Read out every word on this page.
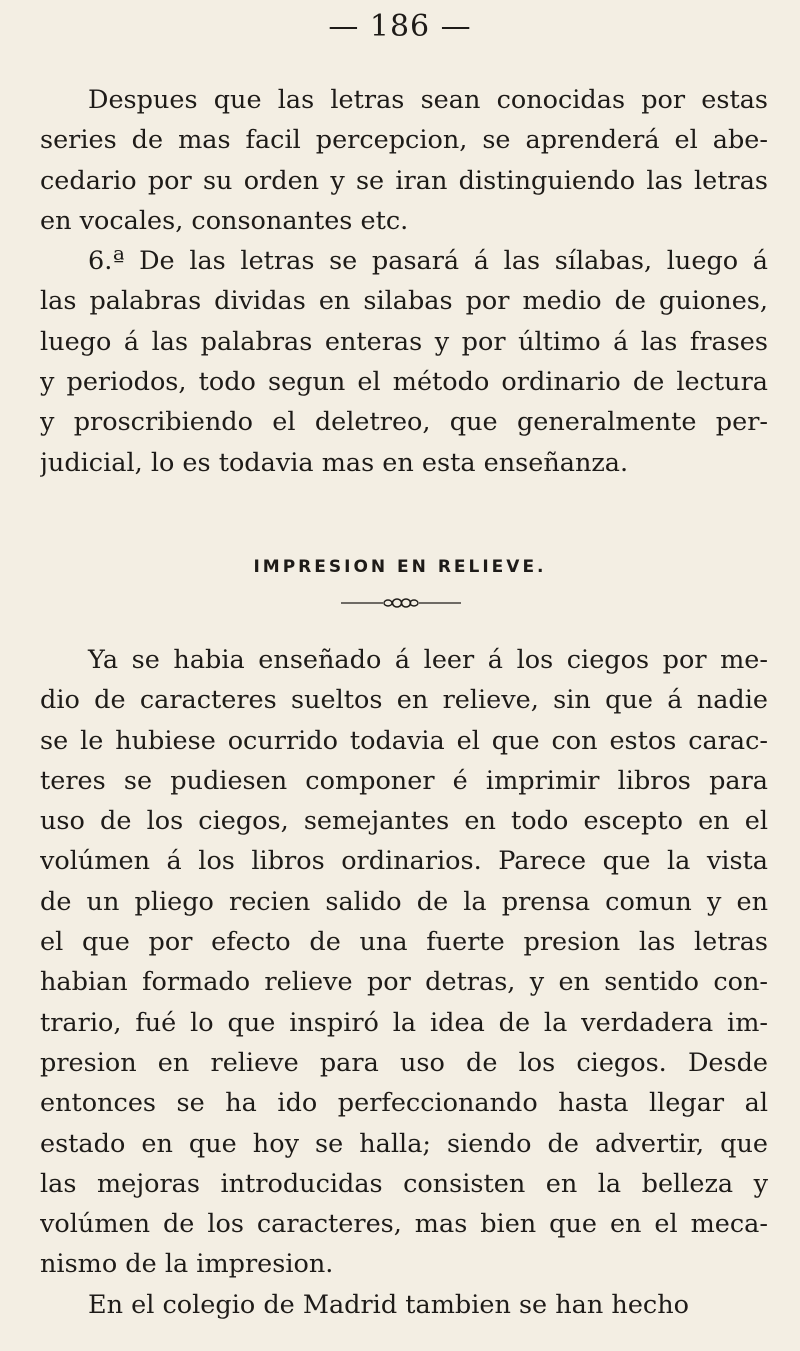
— 186 —
Despues que las letras sean conocidas por estas
series de mas facil percepcion, se aprenderá el abe-
cedario por su orden y se iran distinguiendo las letras
en vocales, consonantes etc.
6.ª De las letras se pasará á las sílabas, luego á
las palabras dividas en silabas por medio de guiones,
luego á las palabras enteras y por último á las frases
y periodos, todo segun el método ordinario de lectura
y proscribiendo el deletreo, que generalmente per-
judicial, lo es todavia mas en esta enseñanza.
IMPRESION EN RELIEVE.
Ya se habia enseñado á leer á los ciegos por me-
dio de caracteres sueltos en relieve, sin que á nadie
se le hubiese ocurrido todavia el que con estos carac-
teres se pudiesen componer é imprimir libros para
uso de los ciegos, semejantes en todo escepto en el
volúmen á los libros ordinarios. Parece que la vista
de un pliego recien salido de la prensa comun y en
el que por efecto de una fuerte presion las letras
habian formado relieve por detras, y en sentido con-
trario, fué lo que inspiró la idea de la verdadera im-
presion en relieve para uso de los ciegos. Desde
entonces se ha ido perfeccionando hasta llegar al
estado en que hoy se halla; siendo de advertir, que
las mejoras introducidas consisten en la belleza y
volúmen de los caracteres, mas bien que en el meca-
nismo de la impresion.
En el colegio de Madrid tambien se han hecho
